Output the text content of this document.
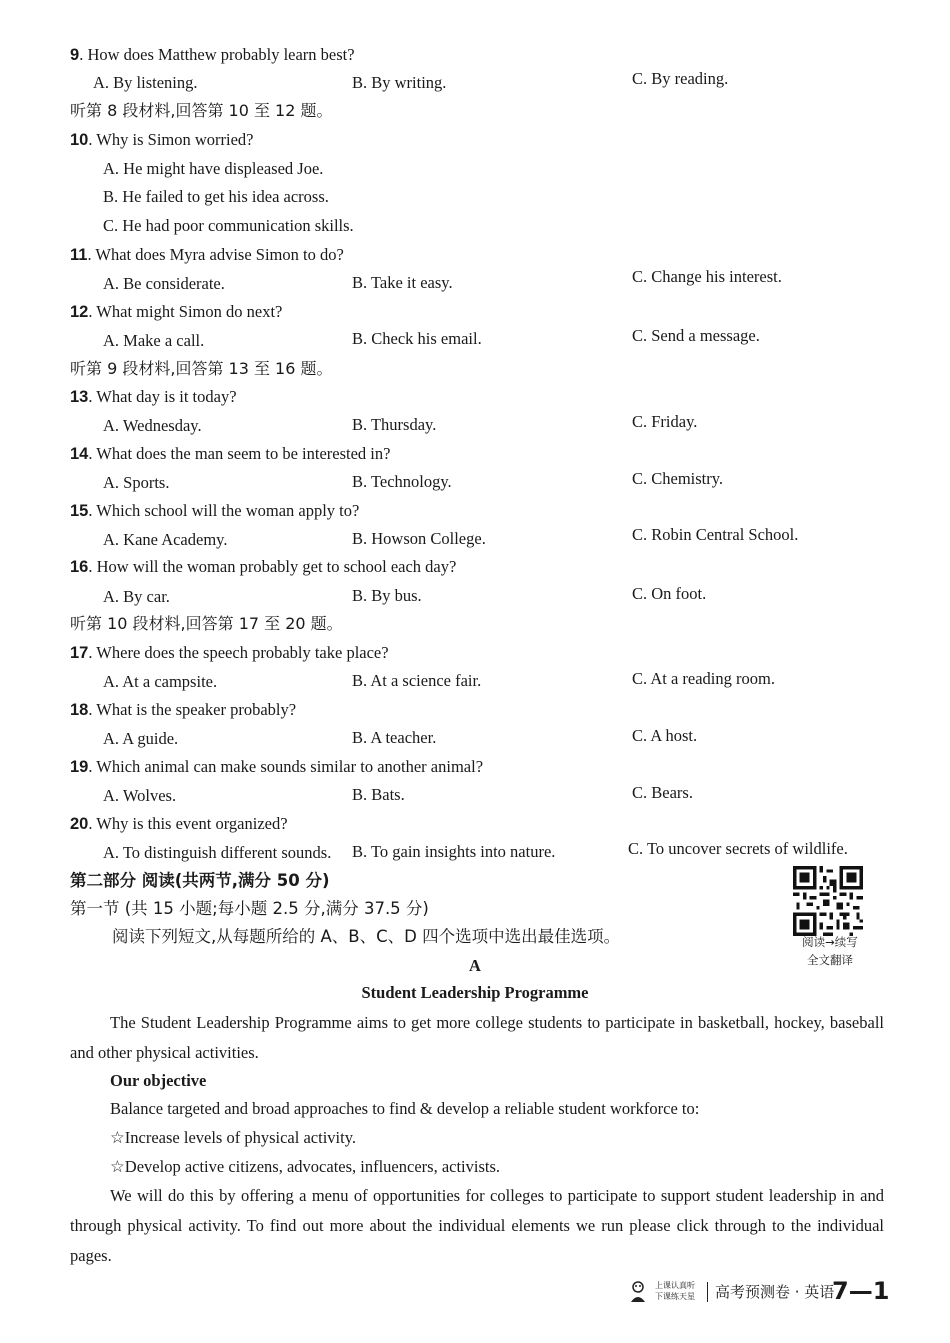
9. How does Matthew probably learn best?
A. By listening.	B. By writing.	C. By reading.
听第 8 段材料,回答第 10 至 12 题。
10. Why is Simon worried?
A. He might have displeased Joe.
B. He failed to get his idea across.
C. He had poor communication skills.
11. What does Myra advise Simon to do?
A. Be considerate.	B. Take it easy.	C. Change his interest.
12. What might Simon do next?
A. Make a call.	B. Check his email.	C. Send a message.
听第 9 段材料,回答第 13 至 16 题。
13. What day is it today?
A. Wednesday.	B. Thursday.	C. Friday.
14. What does the man seem to be interested in?
A. Sports.	B. Technology.	C. Chemistry.
15. Which school will the woman apply to?
A. Kane Academy.	B. Howson College.	C. Robin Central School.
16. How will the woman probably get to school each day?
A. By car.	B. By bus.	C. On foot.
听第 10 段材料,回答第 17 至 20 题。
17. Where does the speech probably take place?
A. At a campsite.	B. At a science fair.	C. At a reading room.
18. What is the speaker probably?
A. A guide.	B. A teacher.	C. A host.
19. Which animal can make sounds similar to another animal?
A. Wolves.	B. Bats.	C. Bears.
20. Why is this event organized?
A. To distinguish different sounds. B. To gain insights into nature.	C. To uncover secrets of wildlife.
第二部分 阅读(共两节,满分 50 分)
第一节 (共 15 小题;每小题 2.5 分,满分 37.5 分)
阅读下列短文,从每题所给的 A、B、C、D 四个选项中选出最佳选项。	阅读→续写
全文翻译
A
Student Leadership Programme
The Student Leadership Programme aims to get more college students to participate in basketball, hockey, baseball and other physical activities.
Our objective
Balance targeted and broad approaches to find & develop a reliable student workforce to:
☆Increase levels of physical activity.
☆Develop active citizens, advocates, influencers, activists.
We will do this by offering a menu of opportunities for colleges to participate to support student leadership in and through physical activity. To find out more about the individual elements we run please click through to the individual pages.
上课认真听
下课练天星 高考预测卷 · 英语
7—1
